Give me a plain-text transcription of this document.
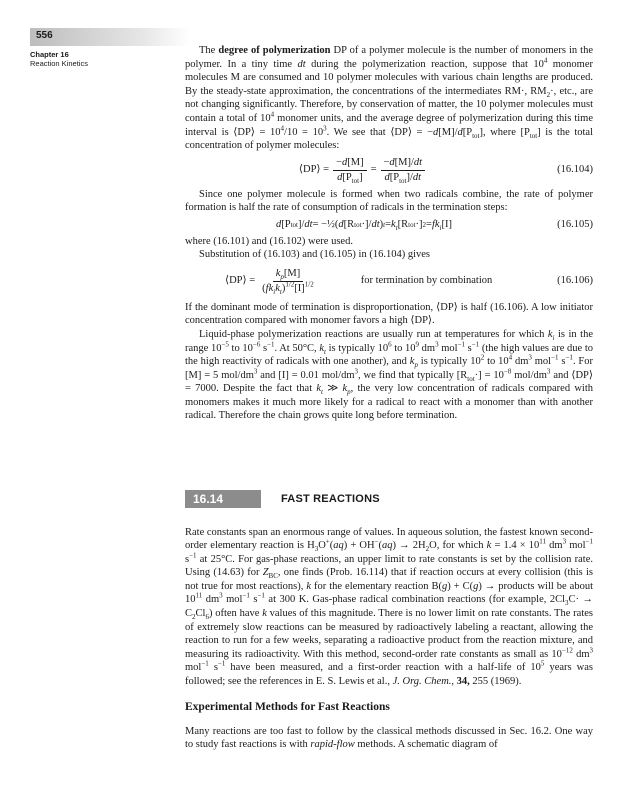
556
Chapter 16
Reaction Kinetics

The degree of polymerization DP of a polymer molecule is the number of monomers in the polymer. In a tiny time dt during the polymerization reaction, suppose that $10^4$ monomer molecules M are consumed and 10 polymer molecules with various chain lengths are produced. By the steady-state approximation, the concentrations of the intermediates RM·, $RM_2\cdot$, etc., are not changing significantly. Therefore, by conservation of matter, the 10 polymer molecules must contain a total of $10^4$ monomer units, and the average degree of polymerization during this time interval is ⟨DP⟩ = $10^4/10 = 10^3$. We see that ⟨DP⟩ = $-d[M]/d[P_{tot}]$, where $[P_{tot}]$ is the total concentration of polymer molecules:

⟨DP⟩ = $\frac{-d[M]}{d[P_{tot}]} = \frac{-d[M]/dt}{d[P_{tot}]/dt}$	(16.104)

Since one polymer molecule is formed when two radicals combine, the rate of polymer formation is half the rate of consumption of radicals in the termination steps:

d [P tot ]/ dt = −½( d [R tot ·]/ dt ) $t = k_t$ [R tot ·] $2 = fk_i$ [I]	(16.105)

where (16.101) and (16.102) were used.

Substitution of (16.103) and (16.105) in (16.104) gives

⟨DP⟩ = $\frac{k_p[M]}{(fk_ik_t)^{1/2}[I]^{1/2}}$	for termination by combination	(16.106)

If the dominant mode of termination is disproportionation, ⟨DP⟩ is half (16.106). A low initiator concentration compared with monomer favors a high ⟨DP⟩.

Liquid-phase polymerization reactions are usually run at temperatures for which $k_i$ is in the range $10^{-5}$ to $10^{-6}$ $s^{-1}$. At 50°C, $k_t$ is typically $10^6$ to $10^9$ $dm^3$ mol$^{-1}$ $s^{-1}$ (the high values are due to the high reactivity of radicals with one another), and $k_p$ is typically $10^2$ to $10^4$ $dm^3$ mol$^{-1}$ $s^{-1}$. For [M] = 5 mol/$dm^3$ and [I] = 0.01 mol/$dm^3$, we find that typically $[R_{tot}\cdot] = 10^{-8}$ mol/$dm^3$ and ⟨DP⟩ = 7000. Despite the fact that $k_t$ ≫ $k_p$, the very low concentration of radicals compared with monomers makes it much more likely for a radical to react with a monomer than with another radical. Therefore the chain grows quite long before termination.

16.14	FAST REACTIONS

Rate constants span an enormous range of values. In aqueous solution, the fastest known second-order elementary reaction is $H_3O^+(aq) + OH^-(aq) \to 2H_2O$, for which $k = 1.4 \times 10^{11}$ $dm^3$ mol$^{-1}$ $s^{-1}$ at 25°C. For gas-phase reactions, an upper limit to rate constants is set by the collision rate. Using (14.63) for $Z_{BC}$, one finds (Prob. 16.114) that if reaction occurs at every collision (this is not true for most reactions), k for the elementary reaction B(g) + C(g) → products will be about $10^{11}$ $dm^3$ mol$^{-1}$ $s^{-1}$ at 300 K. Gas-phase radical combination reactions (for example, $2Cl_3C\cdot \to C_2Cl_6$) often have k values of this magnitude. There is no lower limit on rate constants. The rates of extremely slow reactions can be measured by radioactively labeling a reactant, allowing the reaction to run for a few weeks, separating a radioactive product from the reaction mixture, and measuring its radioactivity. With this method, second-order rate constants as small as $10^{-12}$ $dm^3$ mol$^{-1}$ $s^{-1}$ have been measured, and a first-order reaction with a half-life of $10^5$ years was followed; see the references in E. S. Lewis et al., J. Org. Chem., 34, 255 (1969).

Experimental Methods for Fast Reactions

Many reactions are too fast to follow by the classical methods discussed in Sec. 16.2. One way to study fast reactions is with rapid-flow methods. A schematic diagram of
